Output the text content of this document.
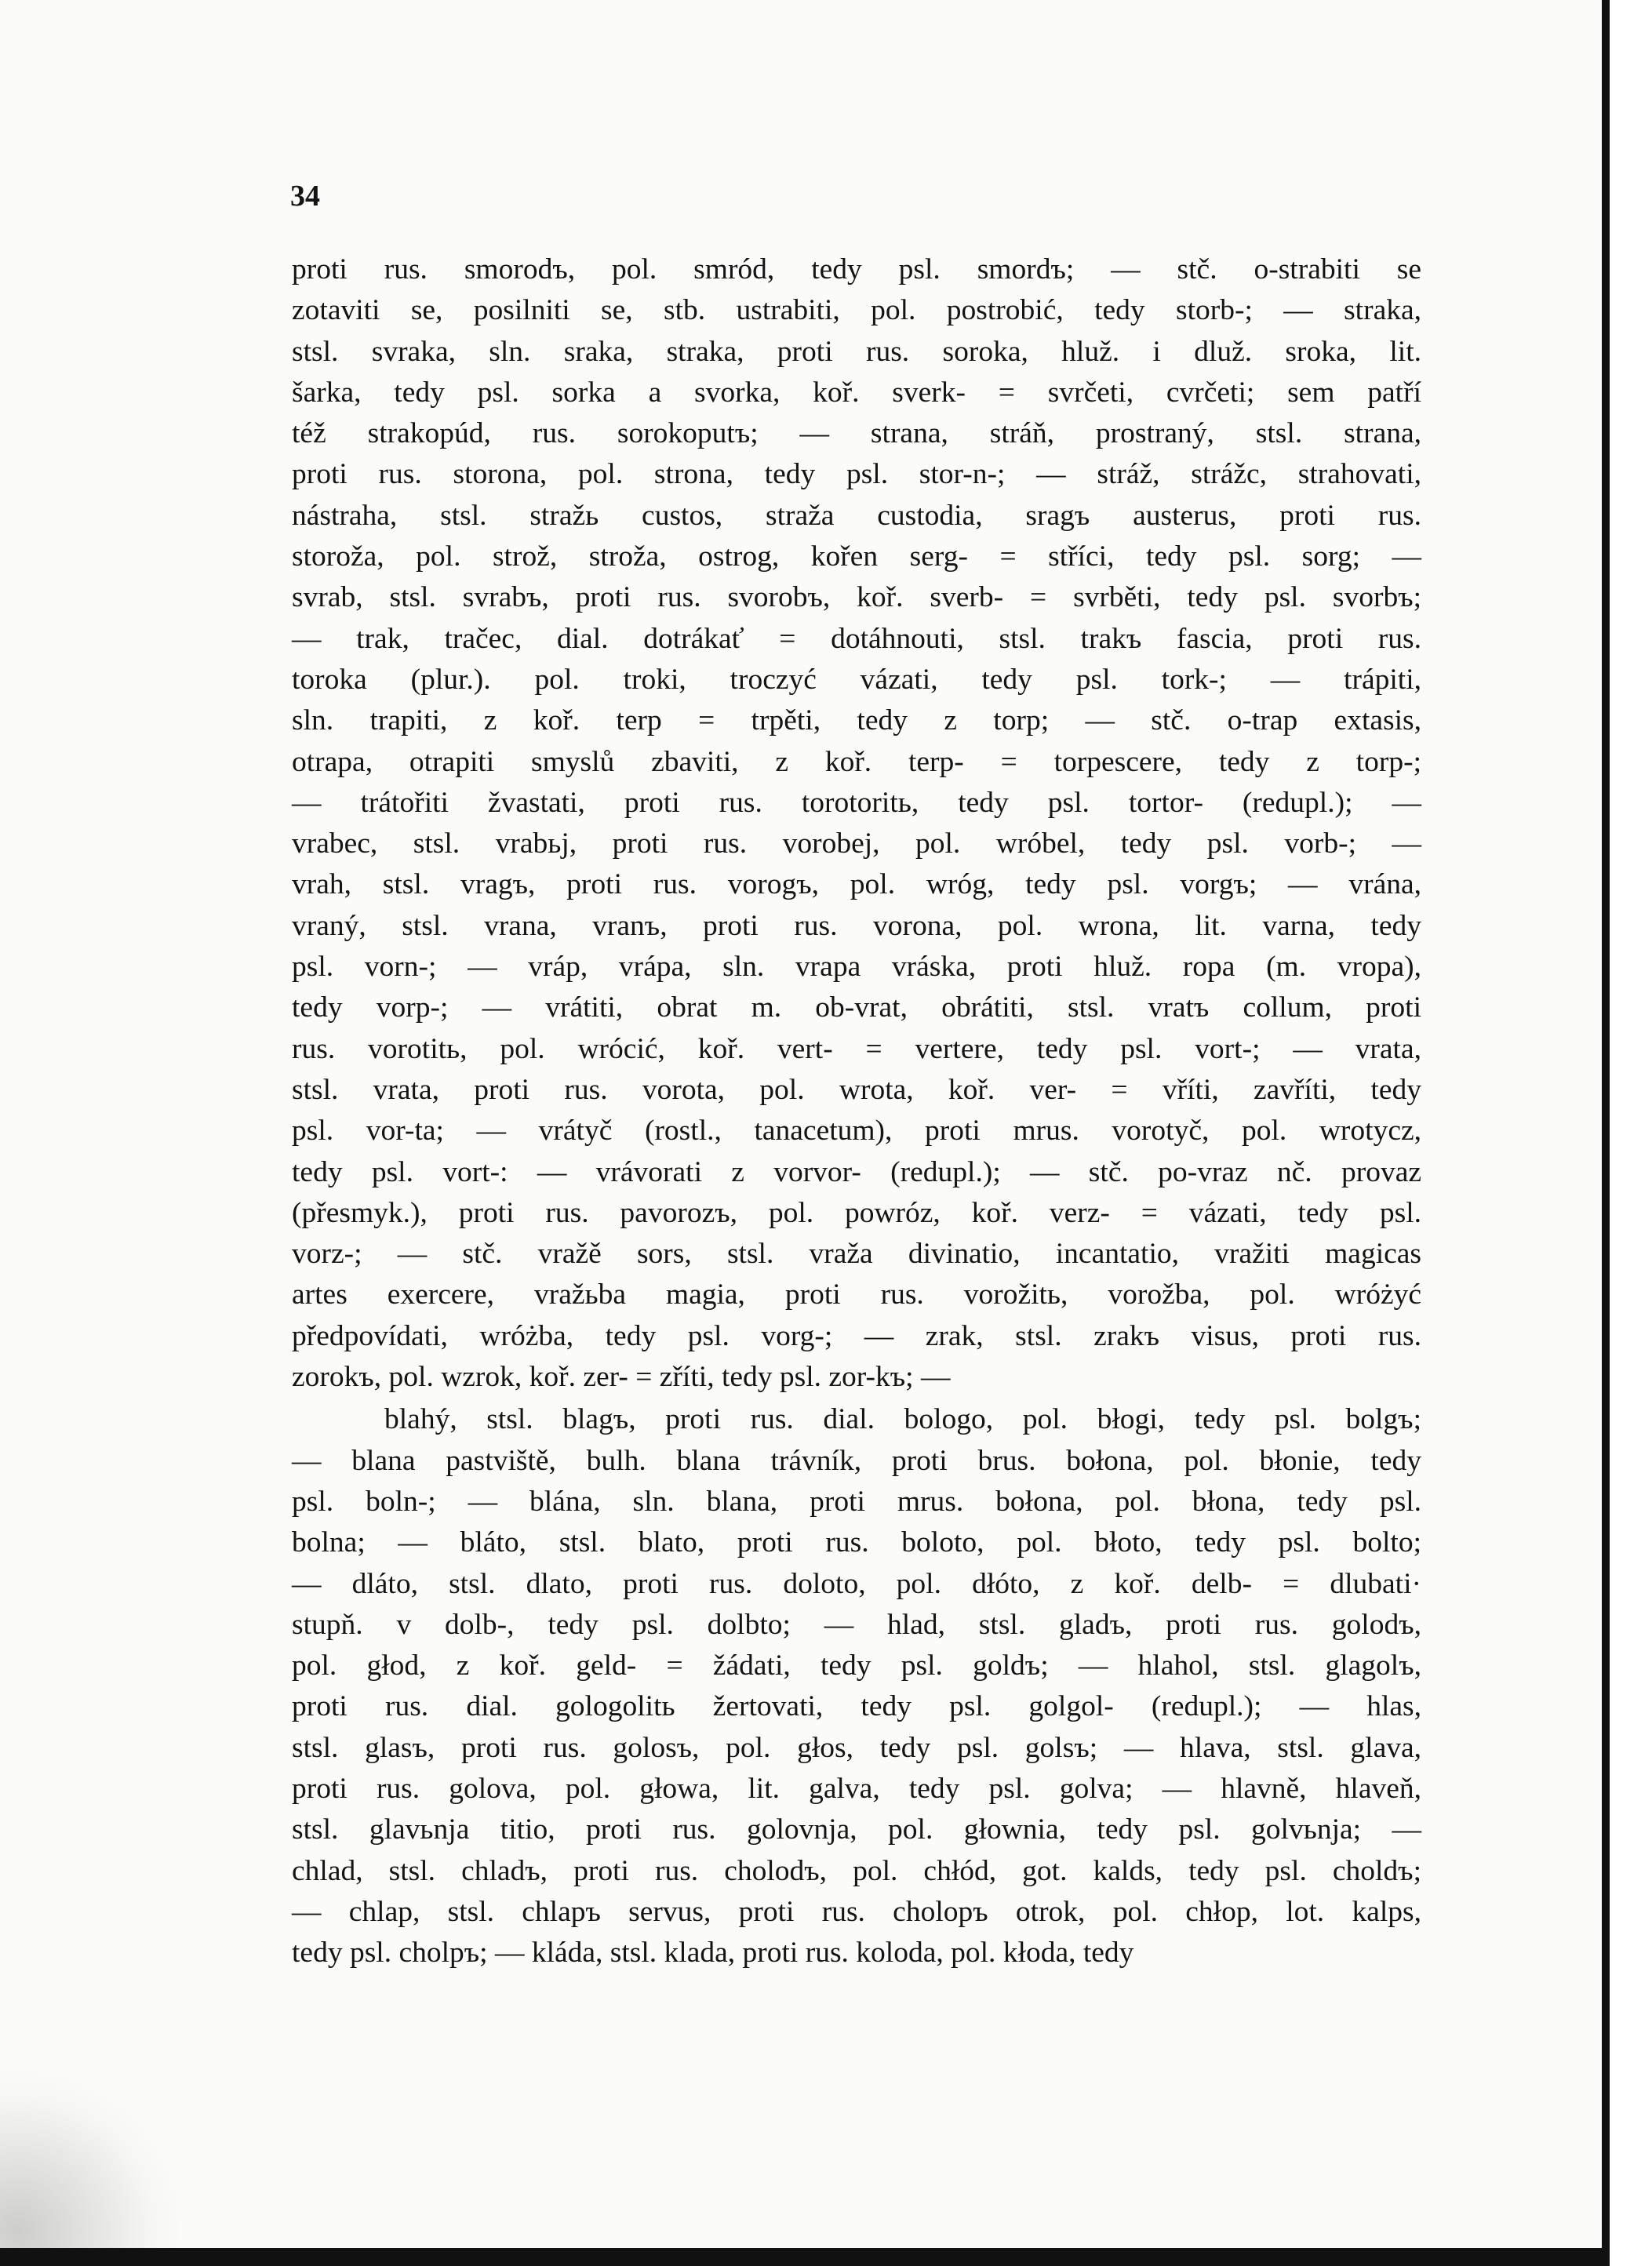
34

proti rus. smorodъ, pol. smród, tedy psl. smordъ; — stč. o-strabiti se

zotaviti se, posilniti se, stb. ustrabiti, pol. postrobić, tedy storb-; — straka,

stsl. svraka, sln. sraka, straka, proti rus. soroka, hluž. i dluž. sroka, lit.

šarka, tedy psl. sorka a svorka, koř. sverk- = svrčeti, cvrčeti; sem patří

též strakopúd, rus. sorokoputъ; — strana, stráň, prostraný, stsl. strana,

proti rus. storona, pol. strona, tedy psl. stor-n-; — stráž, strážc, strahovati,

nástraha, stsl. stražь custos, straža custodia, sragъ austerus, proti rus.

storoža, pol. strož, stroža, ostrog, kořen serg- = stříci, tedy psl. sorg; —

svrab, stsl. svrabъ, proti rus. svorobъ, koř. sverb- = svrběti, tedy psl. svorbъ;

— trak, tračec, dial. dotrákať = dotáhnouti, stsl. trakъ fascia, proti rus.

toroka (plur.). pol. troki, troczyć vázati, tedy psl. tork-; — trápiti,

sln. trapiti, z koř. terp = trpěti, tedy z torp; — stč. o-trap extasis,

otrapa, otrapiti smyslů zbaviti, z koř. terp- = torpescere, tedy z torp-;

— trátořiti žvastati, proti rus. torotoritь, tedy psl. tortor- (redupl.); —

vrabec, stsl. vrabьj, proti rus. vorobej, pol. wróbel, tedy psl. vorb-; —

vrah, stsl. vragъ, proti rus. vorogъ, pol. wróg, tedy psl. vorgъ; — vrána,

vraný, stsl. vrana, vranъ, proti rus. vorona, pol. wrona, lit. varna, tedy

psl. vorn-; — vráp, vrápa, sln. vrapa vráska, proti hluž. ropa (m. vropa),

tedy vorp-; — vrátiti, obrat m. ob-vrat, obrátiti, stsl. vratъ collum, proti

rus. vorotitь, pol. wrócić, koř. vert- = vertere, tedy psl. vort-; — vrata,

stsl. vrata, proti rus. vorota, pol. wrota, koř. ver- = vříti, zavříti, tedy

psl. vor-ta; — vrátyč (rostl., tanacetum), proti mrus. vorotyč, pol. wrotycz,

tedy psl. vort-: — vrávorati z vorvor- (redupl.); — stč. po-vraz nč. provaz

(přesmyk.), proti rus. pavorozъ, pol. powróz, koř. verz- = vázati, tedy psl.

vorz-; — stč. vražě sors, stsl. vraža divinatio, incantatio, vražiti magicas

artes exercere, vražьba magia, proti rus. vorožitь, vorožba, pol. wróżyć

předpovídati, wróżba, tedy psl. vorg-; — zrak, stsl. zrakъ visus, proti rus.

zorokъ, pol. wzrok, koř. zer- = zříti, tedy psl. zor-kъ; —

blahý, stsl. blagъ, proti rus. dial. bologo, pol. błogi, tedy psl. bolgъ;

— blana pastviště, bulh. blana trávník, proti brus. bołona, pol. błonie, tedy

psl. boln-; — blána, sln. blana, proti mrus. bołona, pol. błona, tedy psl.

bolna; — bláto, stsl. blato, proti rus. boloto, pol. błoto, tedy psl. bolto;

— dláto, stsl. dlato, proti rus. doloto, pol. dłóto, z koř. delb- = dlubati·

stupň. v dolb-, tedy psl. dolbto; — hlad, stsl. gladъ, proti rus. golodъ,

pol. głod, z koř. geld- = žádati, tedy psl. goldъ; — hlahol, stsl. glagolъ,

proti rus. dial. gologolitь žertovati, tedy psl. golgol- (redupl.); — hlas,

stsl. glasъ, proti rus. golosъ, pol. głos, tedy psl. golsъ; — hlava, stsl. glava,

proti rus. golova, pol. głowa, lit. galva, tedy psl. golva; — hlavně, hlaveň,

stsl. glavьnja titio, proti rus. golovnja, pol. głownia, tedy psl. golvьnja; —

chlad, stsl. chladъ, proti rus. cholodъ, pol. chłód, got. kalds, tedy psl. choldъ;

— chlap, stsl. chlapъ servus, proti rus. cholopъ otrok, pol. chłop, lot. kalps,

tedy psl. cholpъ; — kláda, stsl. klada, proti rus. koloda, pol. kłoda, tedy
